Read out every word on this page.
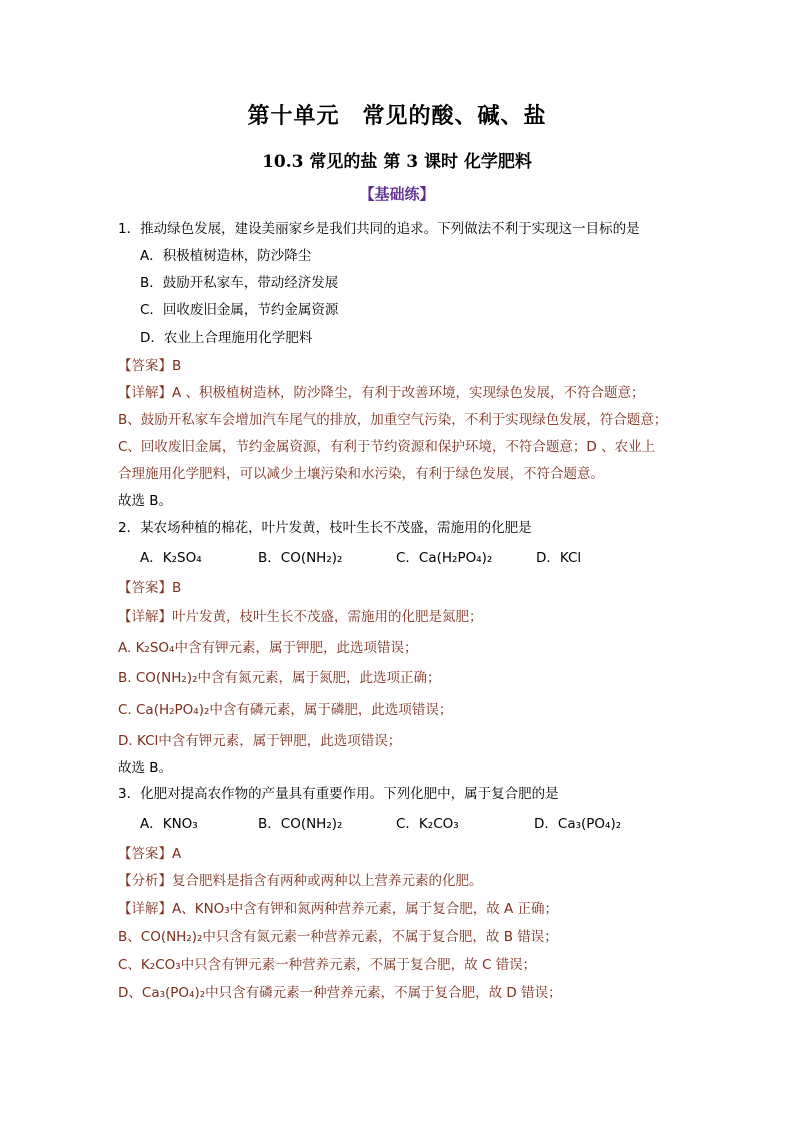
第十单元　常见的酸、碱、盐
10.3 常见的盐 第 3 课时 化学肥料
【基础练】
1．推动绿色发展，建设美丽家乡是我们共同的追求。下列做法不利于实现这一目标的是
A．积极植树造林，防沙降尘
B．鼓励开私家车，带动经济发展
C．回收废旧金属，节约金属资源
D．农业上合理施用化学肥料
【答案】B
【详解】A 、积极植树造林，防沙降尘，有利于改善环境，实现绿色发展，不符合题意；
B、鼓励开私家车会增加汽车尾气的排放，加重空气污染，不利于实现绿色发展，符合题意；
C、回收废旧金属，节约金属资源，有利于节约资源和保护环境，不符合题意；D 、农业上
合理施用化学肥料，可以减少土壤污染和水污染，有利于绿色发展，不符合题意。
故选 B。
2．某农场种植的棉花，叶片发黄，枝叶生长不茂盛，需施用的化肥是
A．K₂SO₄	B．CO(NH₂)₂	C．Ca(H₂PO₄)₂	D．KCl
【答案】B
【详解】叶片发黄，枝叶生长不茂盛，需施用的化肥是氮肥；
A. K₂SO₄中含有钾元素，属于钾肥，此选项错误；
B. CO(NH₂)₂中含有氮元素，属于氮肥，此选项正确；
C. Ca(H₂PO₄)₂中含有磷元素，属于磷肥，此选项错误；
D. KCl中含有钾元素，属于钾肥，此选项错误；
故选 B。
3．化肥对提高农作物的产量具有重要作用。下列化肥中，属于复合肥的是
A．KNO₃	B．CO(NH₂)₂	C．K₂CO₃	D．Ca₃(PO₄)₂
【答案】A
【分析】复合肥料是指含有两种或两种以上营养元素的化肥。
【详解】A、KNO₃中含有钾和氮两种营养元素，属于复合肥，故 A 正确；
B、CO(NH₂)₂中只含有氮元素一种营养元素，不属于复合肥，故 B 错误；
C、K₂CO₃中只含有钾元素一种营养元素，不属于复合肥，故 C 错误；
D、Ca₃(PO₄)₂中只含有磷元素一种营养元素，不属于复合肥，故 D 错误；
